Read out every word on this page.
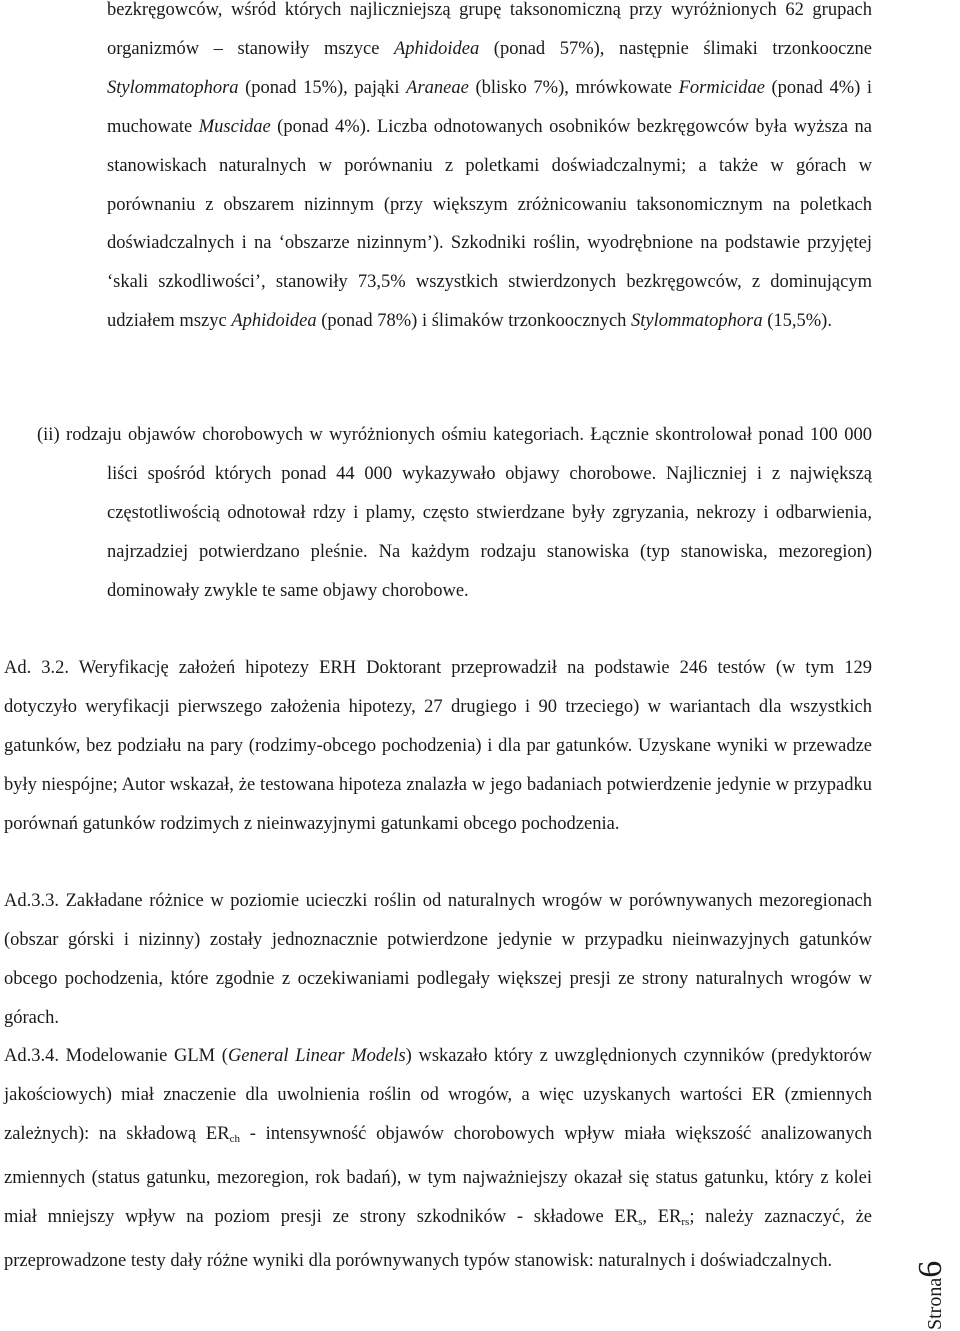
bezkręgowców, wśród których najliczniejszą grupę taksonomiczną przy wyróżnionych 62 grupach organizmów – stanowiły mszyce Aphidoidea (ponad 57%), następnie ślimaki trzonkooczne Stylommatophora (ponad 15%), pająki Araneae (blisko 7%), mrówkowate Formicidae (ponad 4%) i muchowate Muscidae (ponad 4%). Liczba odnotowanych osobników bezkręgowców była wyższa na stanowiskach naturalnych w porównaniu z poletkami doświadczalnymi; a także w górach w porównaniu z obszarem nizinnym (przy większym zróżnicowaniu taksonomicznym na poletkach doświadczalnych i na ‘obszarze nizinnym’). Szkodniki roślin, wyodrębnione na podstawie przyjętej ‘skali szkodliwości’, stanowiły 73,5% wszystkich stwierdzonych bezkręgowców, z dominującym udziałem mszyc Aphidoidea (ponad 78%) i ślimaków trzonkoocznych Stylommatophora (15,5%).

(ii) rodzaju objawów chorobowych w wyróżnionych ośmiu kategoriach. Łącznie skontrolował ponad 100 000 liści spośród których ponad 44 000 wykazywało objawy chorobowe. Najliczniej i z największą częstotliwością odnotował rdzy i plamy, często stwierdzane były zgryzania, nekrozy i odbarwienia, najrzadziej potwierdzano pleśnie. Na każdym rodzaju stanowiska (typ stanowiska, mezoregion) dominowały zwykle te same objawy chorobowe.

Ad. 3.2. Weryfikację założeń hipotezy ERH Doktorant przeprowadził na podstawie 246 testów (w tym 129 dotyczyło weryfikacji pierwszego założenia hipotezy, 27 drugiego i 90 trzeciego) w wariantach dla wszystkich gatunków, bez podziału na pary (rodzimy-obcego pochodzenia) i dla par gatunków. Uzyskane wyniki w przewadze były niespójne; Autor wskazał, że testowana hipoteza znalazła w jego badaniach potwierdzenie jedynie w przypadku porównań gatunków rodzimych z nieinwazyjnymi gatunkami obcego pochodzenia.

Ad.3.3. Zakładane różnice w poziomie ucieczki roślin od naturalnych wrogów w porównywanych mezoregionach (obszar górski i nizinny) zostały jednoznacznie potwierdzone jedynie w przypadku nieinwazyjnych gatunków obcego pochodzenia, które zgodnie z oczekiwaniami podlegały większej presji ze strony naturalnych wrogów w górach.

Ad.3.4. Modelowanie GLM (General Linear Models) wskazało który z uwzględnionych czynników (predyktorów jakościowych) miał znaczenie dla uwolnienia roślin od wrogów, a więc uzyskanych wartości ER (zmiennych zależnych): na składową $ER_{ch}$ - intensywność objawów chorobowych wpływ miała większość analizowanych zmiennych (status gatunku, mezoregion, rok badań), w tym najważniejszy okazał się status gatunku, który z kolei miał mniejszy wpływ na poziom presji ze strony szkodników - składowe $ER_s$, $ER_{rs}$; należy zaznaczyć, że przeprowadzone testy dały różne wyniki dla porównywanych typów stanowisk: naturalnych i doświadczalnych.

Strona6
